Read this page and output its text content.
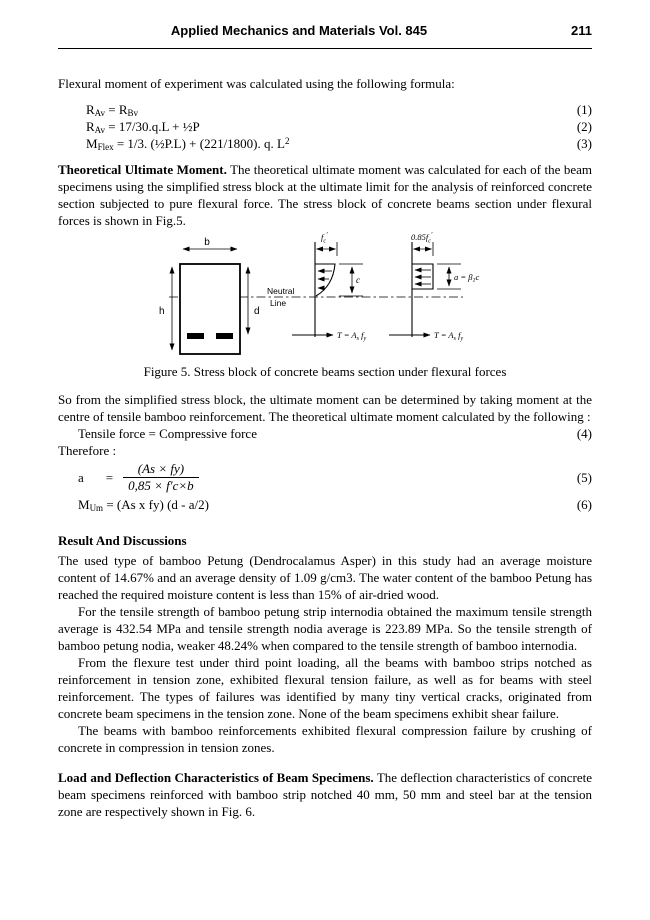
Applied Mechanics and Materials Vol. 845	211

Flexural moment of experiment was calculated using the following formula:

$R_{Av} = R_{Bv}$	(1)
$R_{Av} = 17/30.q.L$ + ½P	(2)
$M_{Flex} = 1/3$. (½P.L) + (221/1800). q. $L^2$	(3)

Theoretical Ultimate Moment. The theoretical ultimate moment was calculated for each of the beam specimens using the simplified stress block at the ultimate limit for the analysis of reinforced concrete section subjected to pure flexural force. The stress block of concrete beams section under flexural forces is shown in Fig.5.

Neutral
Line
b
h	d
fc′
c
T = As fy
0.85fc′
a = β1c
T = As fy

Figure 5. Stress block of concrete beams section under flexural forces

So from the simplified stress block, the ultimate moment can be determined by taking moment at the centre of tensile bamboo reinforcement. The theoretical ultimate moment calculated by the following :

Tensile force = Compressive force	(4)

Therefore :

$a = \frac{(As \times fy)}{0,85 \times f'c\times b}$	(5)
$M_{Um} = (As$ x fy) (d - a/2)	(6)

Result And Discussions

The used type of bamboo Petung (Dendrocalamus Asper) in this study had an average moisture content of 14.67% and an average density of 1.09 g/cm3. The water content of the bamboo Petung has reached the required moisture content is less than 15% of air-dried wood.

For the tensile strength of bamboo petung strip internodia obtained the maximum tensile strength average is 432.54 MPa and tensile strength nodia average is 223.89 MPa. So the tensile strength of bamboo petung nodia, weaker 48.24% when compared to the tensile strength of bamboo internodia.

From the flexure test under third point loading, all the beams with bamboo strips notched as reinforcement in tension zone, exhibited flexural tension failure, as well as for beams with steel reinforcement. The types of failures was identified by many tiny vertical cracks, originated from concrete beam specimens in the tension zone. None of the beam specimens exhibit shear failure.

The beams with bamboo reinforcements exhibited flexural compression failure by crushing of concrete in compression in tension zones.

Load and Deflection Characteristics of Beam Specimens. The deflection characteristics of concrete beam specimens reinforced with bamboo strip notched 40 mm, 50 mm and steel bar at the tension zone are respectively shown in Fig. 6.
